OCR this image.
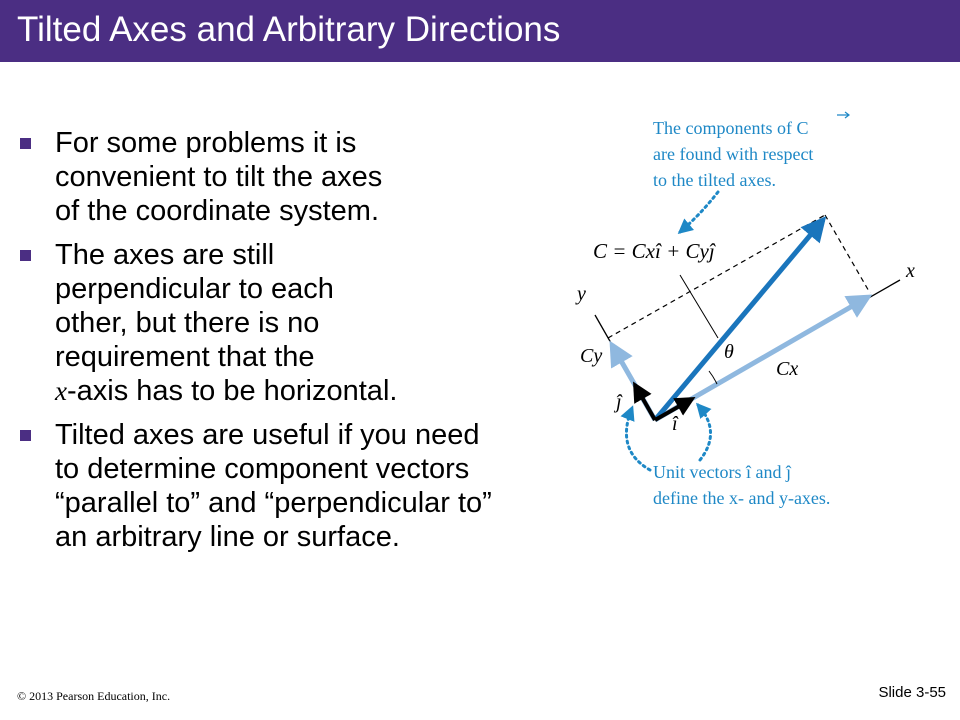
Tilted Axes and Arbitrary Directions
For some problems it is
convenient to tilt the axes
of the coordinate system.
The axes are still
perpendicular to each
other, but there is no
requirement that the
x-axis has to be horizontal.
Tilted axes are useful if you need
to determine component vectors
“parallel to” and “perpendicular to”
an arbitrary line or surface.
The components of C
are found with respect
to the tilted axes.
C = Cxî + Cyĵ
x
y
θ
Cx
Cy
î
ĵ
Unit vectors î and ĵ
define the x- and y-axes.
© 2013 Pearson Education, Inc.	Slide 3-55
